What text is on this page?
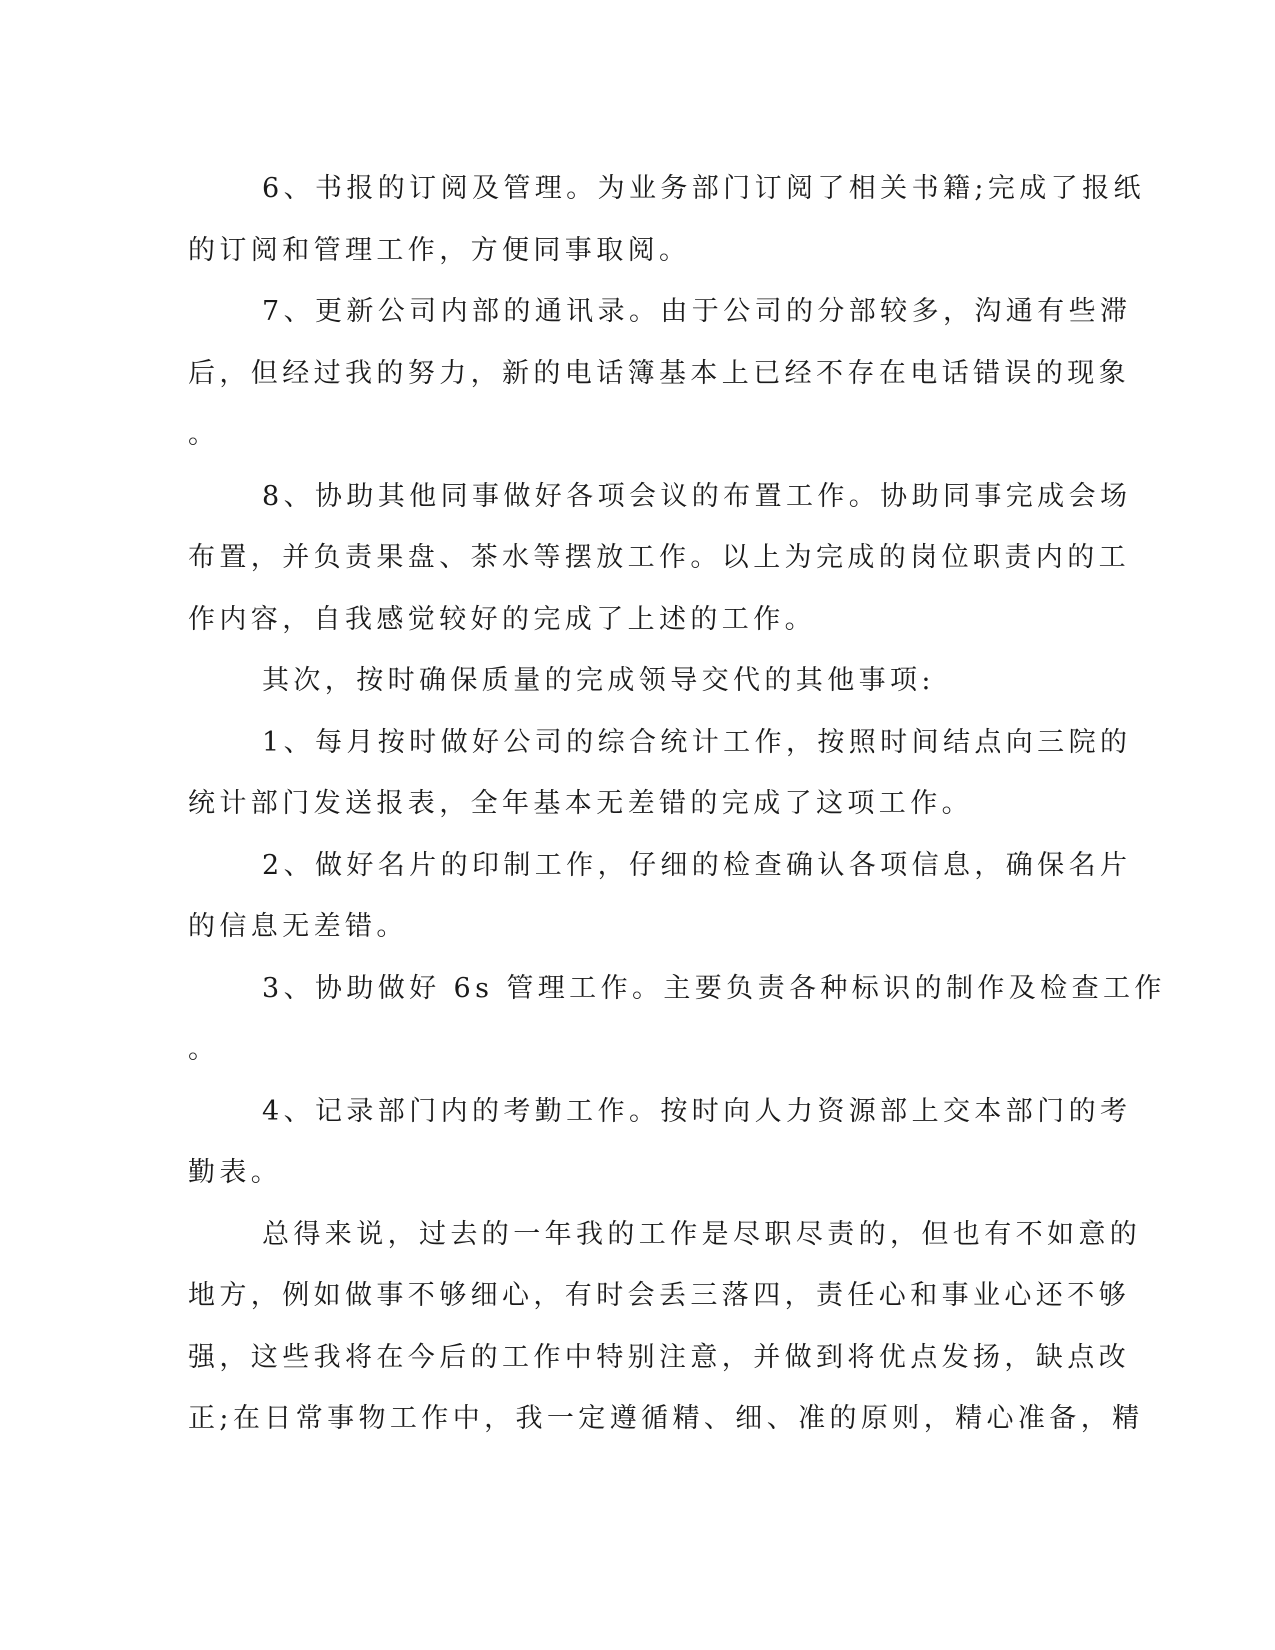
6、书报的订阅及管理。为业务部门订阅了相关书籍;完成了报纸
的订阅和管理工作，方便同事取阅。
7、更新公司内部的通讯录。由于公司的分部较多，沟通有些滞
后，但经过我的努力，新的电话簿基本上已经不存在电话错误的现象
。
8、协助其他同事做好各项会议的布置工作。协助同事完成会场
布置，并负责果盘、茶水等摆放工作。以上为完成的岗位职责内的工
作内容，自我感觉较好的完成了上述的工作。
其次，按时确保质量的完成领导交代的其他事项:
1、每月按时做好公司的综合统计工作，按照时间结点向三院的
统计部门发送报表，全年基本无差错的完成了这项工作。
2、做好名片的印制工作，仔细的检查确认各项信息，确保名片
的信息无差错。
3、协助做好 6s 管理工作。主要负责各种标识的制作及检查工作
。
4、记录部门内的考勤工作。按时向人力资源部上交本部门的考
勤表。
总得来说，过去的一年我的工作是尽职尽责的，但也有不如意的
地方，例如做事不够细心，有时会丢三落四，责任心和事业心还不够
强，这些我将在今后的工作中特别注意，并做到将优点发扬，缺点改
正;在日常事物工作中，我一定遵循精、细、准的原则，精心准备，精
